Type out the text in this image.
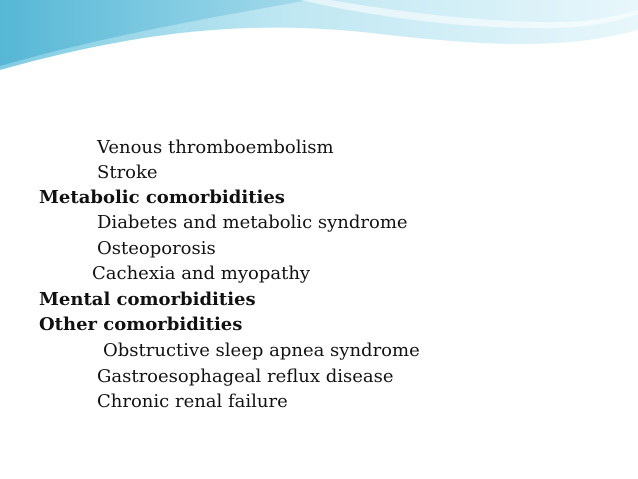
Venous thromboembolism
Stroke
Metabolic comorbidities
Diabetes and metabolic syndrome
Osteoporosis
Cachexia and myopathy
Mental comorbidities
Other comorbidities
Obstructive sleep apnea syndrome
Gastroesophageal reflux disease
Chronic renal failure
